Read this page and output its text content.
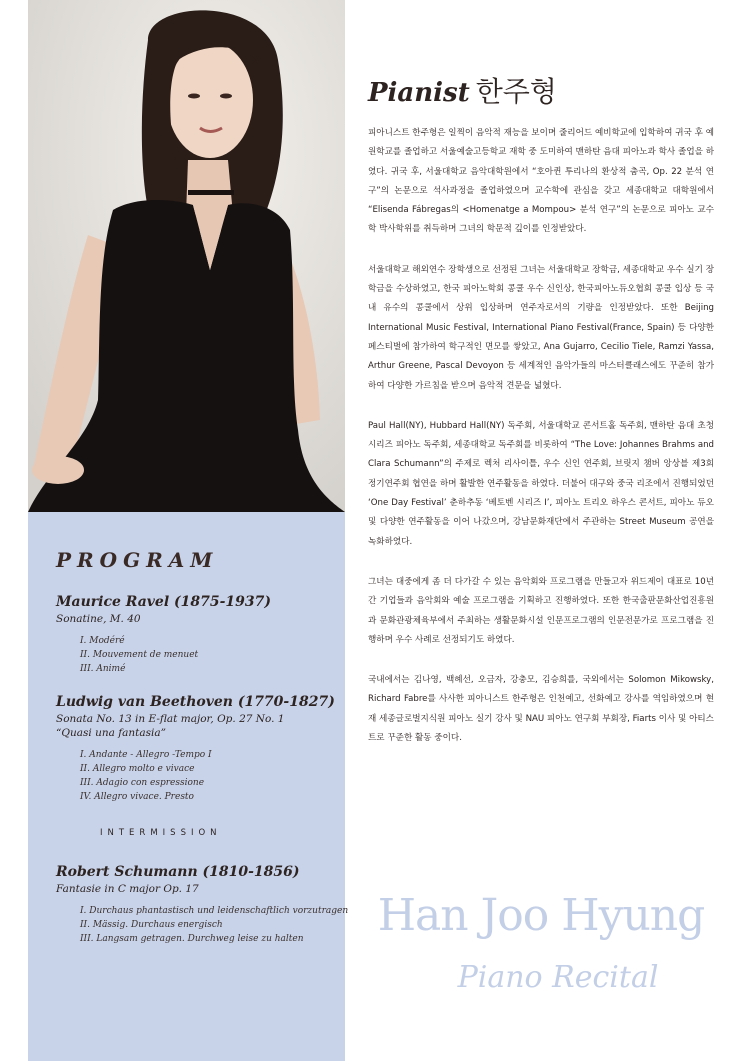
PROGRAM
Maurice Ravel (1875-1937)
Sonatine, M. 40
I. Modéré
II. Mouvement de menuet
III. Animé
Ludwig van Beethoven (1770-1827)
Sonata No. 13 in E-flat major, Op. 27 No. 1
“Quasi una fantasia”
I. Andante - Allegro -Tempo I
II. Allegro molto e vivace
III. Adagio con espressione
IV. Allegro vivace. Presto
INTERMISSION
Robert Schumann (1810-1856)
Fantasie in C major Op. 17
I. Durchaus phantastisch und leidenschaftlich vorzutragen
II. Mässig. Durchaus energisch
III. Langsam getragen. Durchweg leise zu halten
Pianist 한주형

피아니스트 한주형은 일찍이 음악적 재능을 보이며 줄리어드 예비학교에 입학하여 귀국 후 예원학교를 졸업하고 서울예술고등학교 재학 중 도미하여 맨하탄 음대 피아노과 학사 졸업을 하였다. 귀국 후, 서울대학교 음악대학원에서 “호아퀸 투리나의 환상적 춤곡, Op. 22 분석 연구”의 논문으로 석사과정을 졸업하였으며 교수학에 관심을 갖고 세종대학교 대학원에서 “Elisenda Fábregas의 <Homenatge a Mompou> 분석 연구”의 논문으로 피아노 교수학 박사학위를 취득하며 그녀의 학문적 깊이를 인정받았다.

서울대학교 해외연수 장학생으로 선정된 그녀는 서울대학교 장학금, 세종대학교 우수 실기 장학금을 수상하였고, 한국 피아노학회 콩쿨 우수 신인상, 한국피아노듀오협회 콩쿨 입상 등 국내 유수의 콩쿨에서 상위 입상하며 연주자로서의 기량을 인정받았다. 또한 Beijing International Music Festival, International Piano Festival(France, Spain) 등 다양한 페스티벌에 참가하여 학구적인 면모를 쌓았고, Ana Gujarro, Cecilio Tiele, Ramzi Yassa, Arthur Greene, Pascal Devoyon 등 세계적인 음악가들의 마스터클래스에도 꾸준히 참가하여 다양한 가르침을 받으며 음악적 견문을 넓혔다.

Paul Hall(NY), Hubbard Hall(NY) 독주회, 서울대학교 콘서트홀 독주회, 맨하탄 음대 초청 시리즈 피아노 독주회, 세종대학교 독주회를 비롯하여 “The Love: Johannes Brahms and Clara Schumann”의 주제로 렉처 리사이틀, 우수 신인 연주회, 브릿지 챔버 앙상블 제3회 정기연주회 협연을 하며 활발한 연주활동을 하였다. 더불어 대구와 중국 리조에서 진행되었던 ‘One Day Festival’ 춘하추동 ‘베토벤 시리즈 I’, 피아노 트리오 하우스 콘서트, 피아노 듀오 및 다양한 연주활동을 이어 나갔으며, 강남문화재단에서 주관하는 Street Museum 공연을 녹화하였다.

그녀는 대중에게 좀 더 다가갈 수 있는 음악회와 프로그램을 만들고자 위드제이 대표로 10년간 기업들과 음악회와 예술 프로그램을 기획하고 진행하였다. 또한 한국출판문화산업진흥원과 문화관광체육부에서 주최하는 생활문화시설 인문프로그램의 인문전문가로 프로그램을 진행하며 우수 사례로 선정되기도 하였다.

국내에서는 김나영, 백혜선, 오금자, 강충모, 김승희를, 국외에서는 Solomon Mikowsky, Richard Fabre를 사사한 피아니스트 한주형은 인천예고, 선화예고 강사를 역임하였으며 현재 세종글로벌지식원 피아노 실기 강사 및 NAU 피아노 연구회 부회장, Fiarts 이사 및 아티스트로 꾸준한 활동 중이다.

Han Joo Hyung
Piano Recital
